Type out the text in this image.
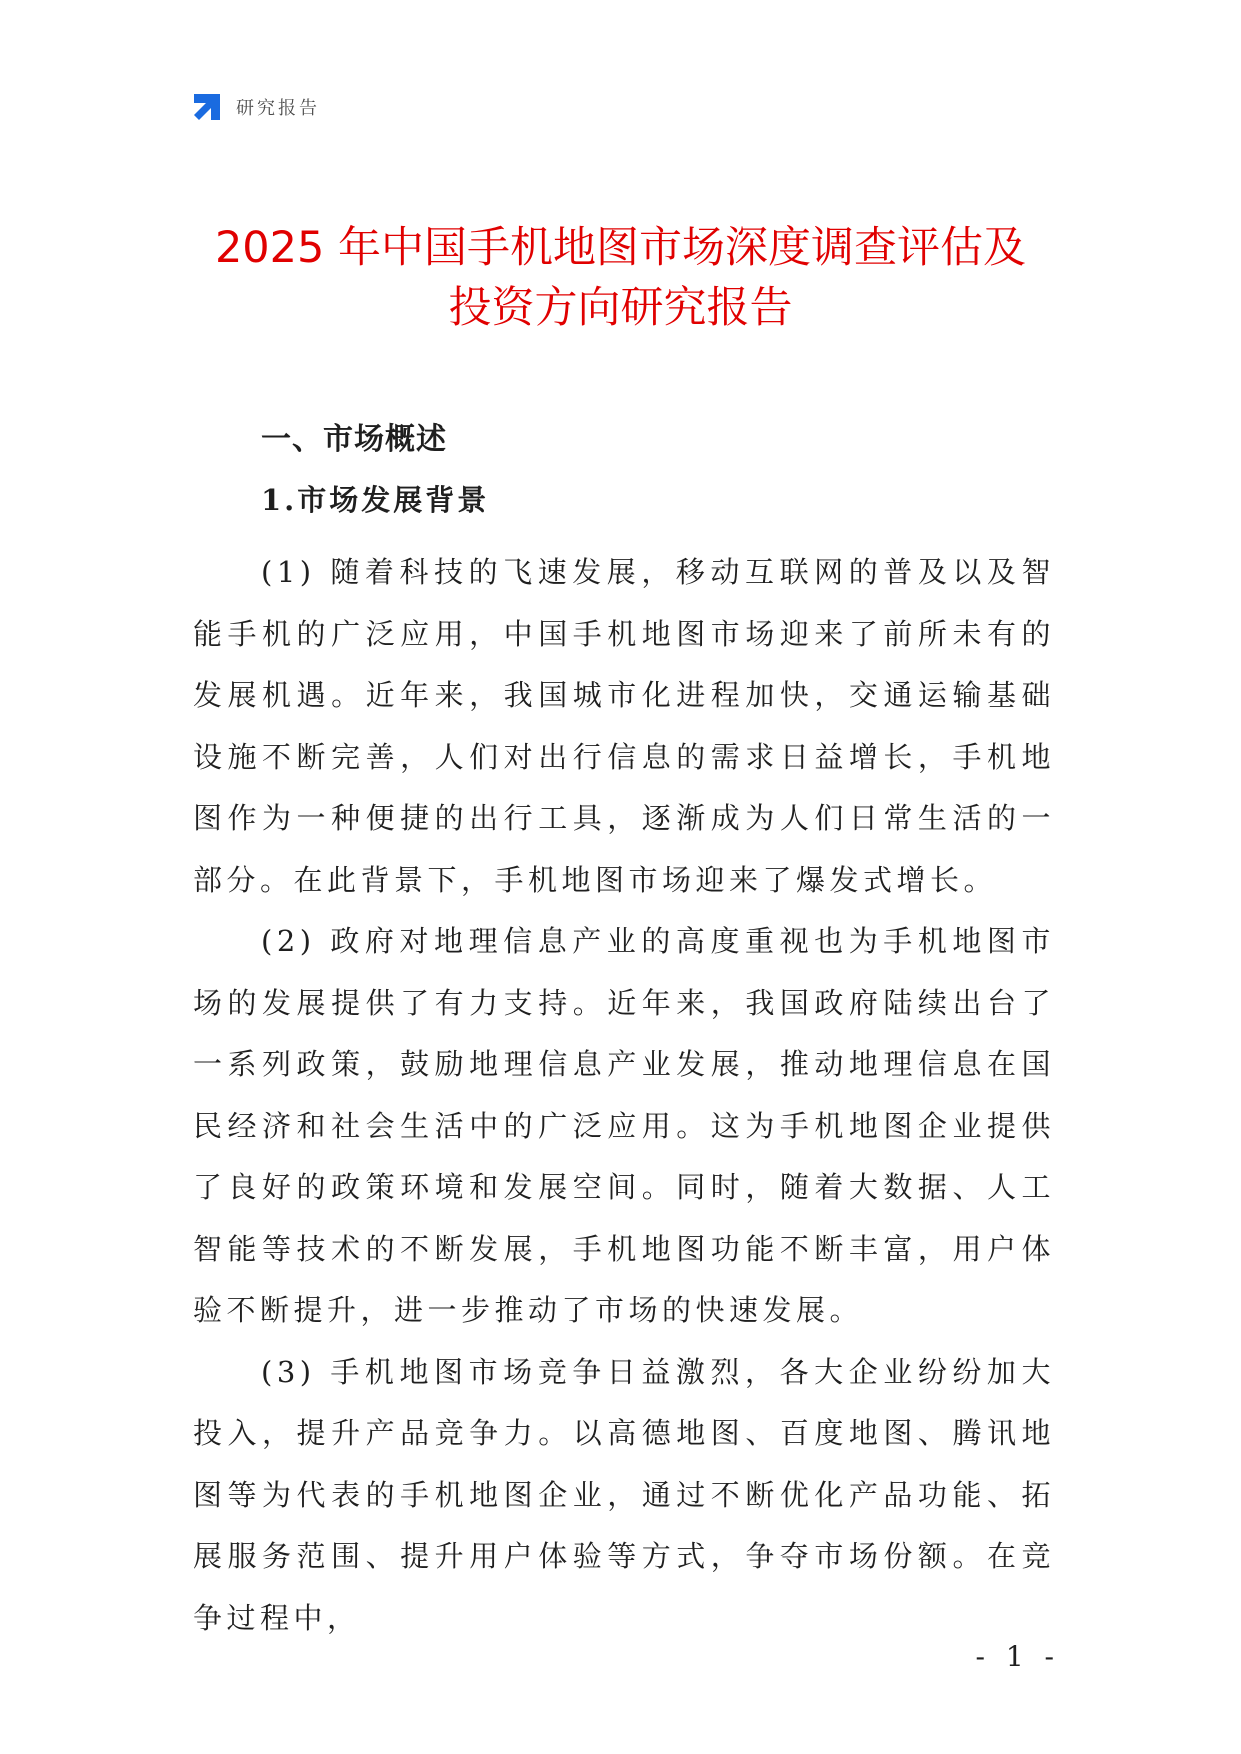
研究报告
2025 年中国手机地图市场深度调查评估及
投资方向研究报告
一、市场概述
1.市场发展背景

(1) 随着科技的飞速发展，移动互联网的普及以及智能手机的广泛应用，中国手机地图市场迎来了前所未有的发展机遇。近年来，我国城市化进程加快，交通运输基础设施不断完善，人们对出行信息的需求日益增长，手机地图作为一种便捷的出行工具，逐渐成为人们日常生活的一部分。在此背景下，手机地图市场迎来了爆发式增长。

(2) 政府对地理信息产业的高度重视也为手机地图市场的发展提供了有力支持。近年来，我国政府陆续出台了一系列政策，鼓励地理信息产业发展，推动地理信息在国民经济和社会生活中的广泛应用。这为手机地图企业提供了良好的政策环境和发展空间。同时，随着大数据、人工智能等技术的不断发展，手机地图功能不断丰富，用户体验不断提升，进一步推动了市场的快速发展。

(3) 手机地图市场竞争日益激烈，各大企业纷纷加大投入，提升产品竞争力。以高德地图、百度地图、腾讯地图等为代表的手机地图企业，通过不断优化产品功能、拓展服务范围、提升用户体验等方式，争夺市场份额。在竞争过程中，

- 1 -
